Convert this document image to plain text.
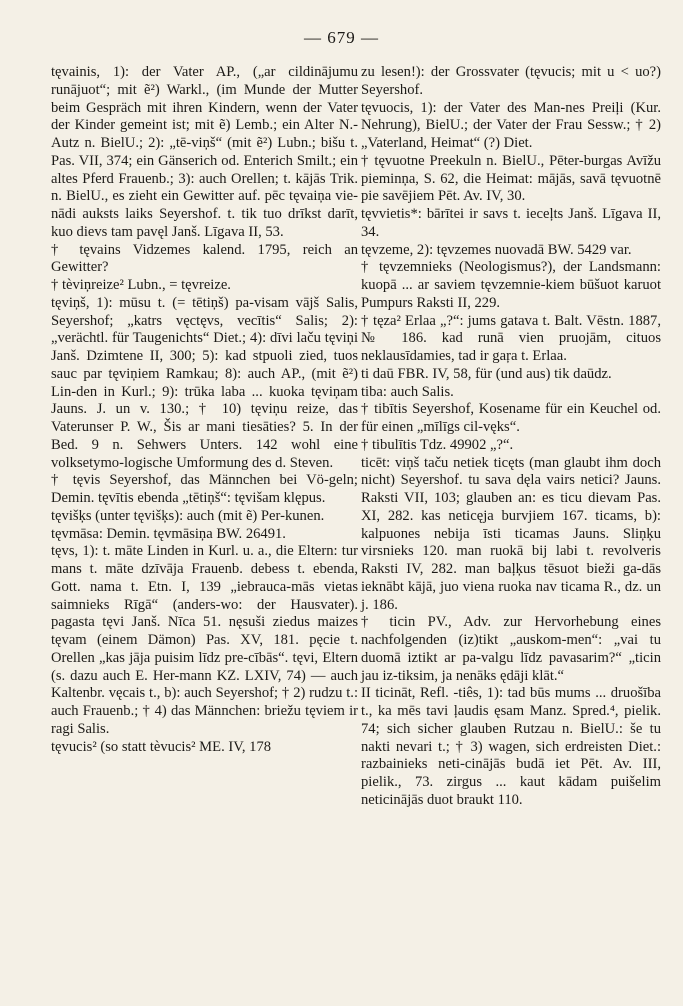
— 679 —

tęvainis, 1): der Vater AP., („ar cildinājumu runājuot“; mit ẽ²) Warkl., (im Munde der Mutter beim Gespräch mit ihren Kindern, wenn der Vater der Kinder gemeint ist; mit ẽ) Lemb.; ein Alter N.-Autz n. BielU.; 2): „tē-viņš“ (mit ẽ²) Lubn.; bišu t. Pas. VII, 374; ein Gänserich od. Enterich Smilt.; ein altes Pferd Frauenb.; 3): auch Orellen; t. kājās Trik. n. BielU., es zieht ein Gewitter auf. pēc tęvaiņa vie-nādi auksts laiks Seyershof. t. tik tuo drīkst darīt, kuo dievs tam pavęl Janš. Līgava II, 53.

† tęvains Vidzemes kalend. 1795, reich an Gewitter?

† tèviņreize² Lubn., = tęvreize.

tęviņš, 1): mūsu t. (= tētiņš) pa-visam vājš Salis, Seyershof; „katrs vęctęvs, vecītis“ Salis; 2): „verächtl. für Taugenichts“ Diet.; 4): dīvi laču tęviņi Janš. Dzimtene II, 300; 5): kad stpuoli zied, tuos sauc par tęviņiem Ramkau; 8): auch AP., (mit ẽ²) Lin-den in Kurl.; 9): trūka laba ... kuoka tęviņam Jauns. J. un v. 130.; † 10) tęviņu reize, das Vaterunser P. W., Šis ar mani tiesāties? 5. In der Bed. 9 n. Sehwers Unters. 142 wohl eine volksetymo-logische Umformung des d. Steven.

† tęvis Seyershof, das Männchen bei Vö-geln; Demin. tęvītis ebenda „tētiņš“: tęvišam klępus.

tęvišķs (unter tęvišķs): auch (mit ẽ) Per-kunen.

tęvmāsa: Demin. tęvmāsiņa BW. 26491.

tęvs, 1): t. māte Linden in Kurl. u. a., die Eltern: tur mans t. māte dzīvāja Frauenb. debess t. ebenda, Gott. nama t. Etn. I, 139 „iebrauca-mās vietas saimnieks Rīgā“ (anders-wo: der Hausvater). pagasta tęvi Janš. Nīca 51. nęsuši ziedus maizes tęvam (einem Dämon) Pas. XV, 181. pęcie t. Orellen „kas jāja puisim līdz pre-cībās“. tęvi, Eltern (s. dazu auch E. Her-mann KZ. LXIV, 74) — auch Kaltenbr. vęcais t., b): auch Seyershof; † 2) rudzu t.: auch Frauenb.; † 4) das Männchen: briežu tęviem ir ragi Salis.

tęvucis² (so statt tèvucis² ME. IV, 178

zu lesen!): der Grossvater (tęvucis; mit u < uo?) Seyershof.

tęvuocis, 1): der Vater des Man-nes Preiļi (Kur. Nehrung), BielU.; der Vater der Frau Sessw.; † 2) „Vaterland, Heimat“ (?) Diet.

† tęvuotne Preekuln n. BielU., Pēter-burgas Avīžu pieminņa, S. 62, die Heimat: mājās, savā tęvuotnē pie savējiem Pēt. Av. IV, 30.

tęvvietis*: bārītei ir savs t. ieceļts Janš. Līgava II, 34.

tęvzeme, 2): tęvzemes nuovadā BW. 5429 var.

† tęvzemnieks (Neologismus?), der Landsmann: kuopā ... ar saviem tęvzemnie-kiem būšuot karuot Pumpurs Raksti II, 229.

† tęza² Erlaa „?“: jums gatava t. Balt. Vēstn. 1887, № 186. kad runā vien pruojām, cituos neklausīdamies, tad ir gaŗa t. Erlaa.

ti dаū FBR. IV, 58, für (und aus) tik daūdz.

tiba: auch Salis.

† tibītis Seyershof, Kosename für ein Keuchel od. für einen „mīlīgs cil-vęks“.

† tibulītis Tdz. 49902 „?“.

ticēt: viņš taču netiek ticęts (man glaubt ihm doch nicht) Seyershof. tu sava dęla vairs netici? Jauns. Raksti VII, 103; glauben an: es ticu dievam Pas. XI, 282. kas neticęja burvjiem 167. ticams, b): kalpuones nebija īsti ticamas Jauns. Sliņķu virsnieks 120. man ruokā bij labi t. revolveris Raksti IV, 282. man baļķus tēsuot bieži ga-dās ieknābt kājā, juo viena ruoka nav ticama R., dz. un j. 186.

† ticin PV., Adv. zur Hervorhebung eines nachfolgenden (iz)tikt „auskom-men“: „vai tu duomā iztikt ar pa-valgu līdz pavasarim?“ „ticin jau iz-tiksim, ja nenāks ędāji klāt.“

II ticināt, Refl. -tiês, 1): tad būs mums ... druošība t., ka mēs tavi ļaudis ęsam Manz. Spred.⁴, pielik. 74; sich sicher glauben Rutzau n. BielU.: še tu nakti nevari t.; † 3) wagen, sich erdreisten Diet.: razbainieks neti-cinājās budā iet Pēt. Av. III, pielik., 73. zirgus ... kaut kādam puišelim neticinājās duot braukt 110.
